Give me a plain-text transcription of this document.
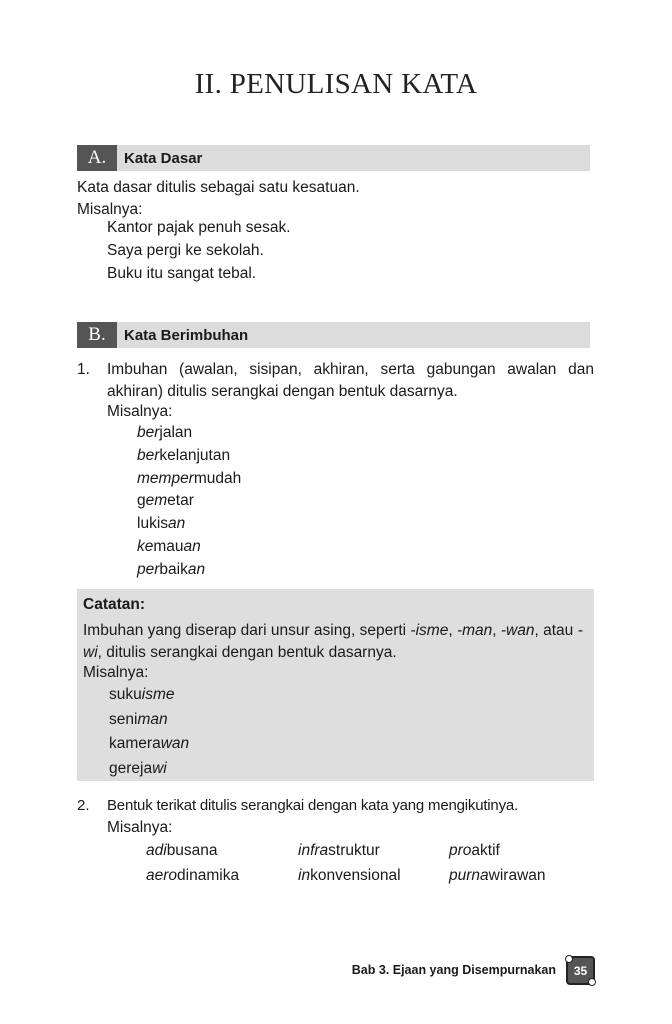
II. PENULISAN KATA
A.	Kata Dasar
Kata dasar ditulis sebagai satu kesatuan.
Misalnya:
Kantor pajak penuh sesak.
Saya pergi ke sekolah.
Buku itu sangat tebal.
B.	Kata Berimbuhan
1. Imbuhan (awalan, sisipan, akhiran, serta gabungan awalan dan akhiran) ditulis serangkai dengan bentuk dasarnya.
Misalnya:
berjalan
berkelanjutan
mempermudah
gemetar
lukisan
kemauan
perbaikan
Catatan:
Imbuhan yang diserap dari unsur asing, seperti -isme, -man, -wan, atau -wi, ditulis serangkai dengan bentuk dasarnya.
Misalnya:
sukuisme
seniman
kamerawan
gerejawi
2. Bentuk terikat ditulis serangkai dengan kata yang mengikutinya.
Misalnya:
adibusana	infrastruktur	proaktif
aerodinamika	inkonvensional	purnawirawan
Bab 3. Ejaan yang Disempurnakan 35
